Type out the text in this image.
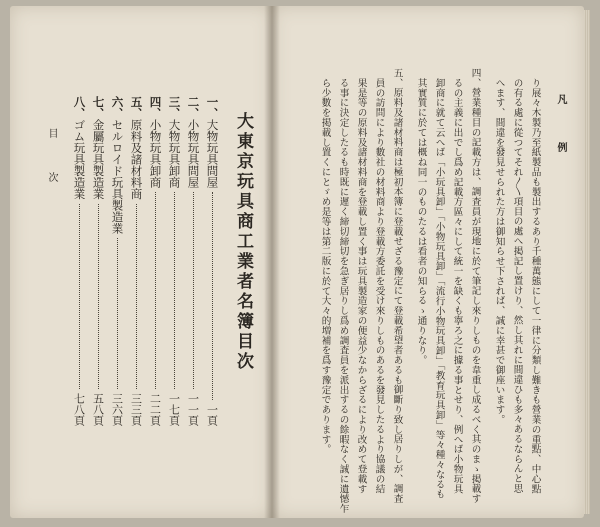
大東京玩具商工業者名簿目次
一、
大物玩具問屋
一頁
二、
小物玩具問屋
一一頁
三、
大物玩具卸商
一七頁
四、
小物玩具卸商
二二頁
五、
原料及諸材料商
三三頁
六、
セルロイド玩具製造業
三六頁
七、
金屬玩具製造業
五八頁
八、
ゴム玩具製造業
七八頁
目　次	凡　例
り展々木製乃至紙製品も製出するあり千種萬態にして一律に分類し難きも營業の重點、中心點
の有る處に從つてそれ〳〵項目の處へ掲記し置けり、然し其れに間違ひも多々あるならんと思
へます、間違を發見せられた方は御知らせ下されば、誠に幸甚で御座います。
四、營業種目の記載方は、調査員が現地に於て筆記し來りしものを韋重し成るべく其のまゝ掲載す
るの主義に出でし爲め記載方區々にして統一を缺くも寧ろ之に據る事とせり、例へば小物玩具
卸商に就て云へば「小玩具卸」「小物玩具卸」「流行小物玩具卸」「教育玩具卸」等々種々なるも
其實質に於ては概ね同一のものたるは看者の知らるゝ通りなり。
五、原料及諸材料商は極初本簿に登載せざる豫定にて登載希望者あるも御斷り致し居りしが、調査
員の訪問により數社の材料商より登載方委託を受け來りしものあるを發見したるより協議の結
果是等の原料及諸材料商を登載し置く事は玩具製造家の便益少なからざるにより改めて登載す
る事に決定したるも時既に遲く締切締切を急ぎ居りし爲め調査員を派出するの餘暇なく誠に遺憾乍
ら少數を掲載し置くにとゞめ是等は第二版に於て大々的増補を爲す豫定であります。
